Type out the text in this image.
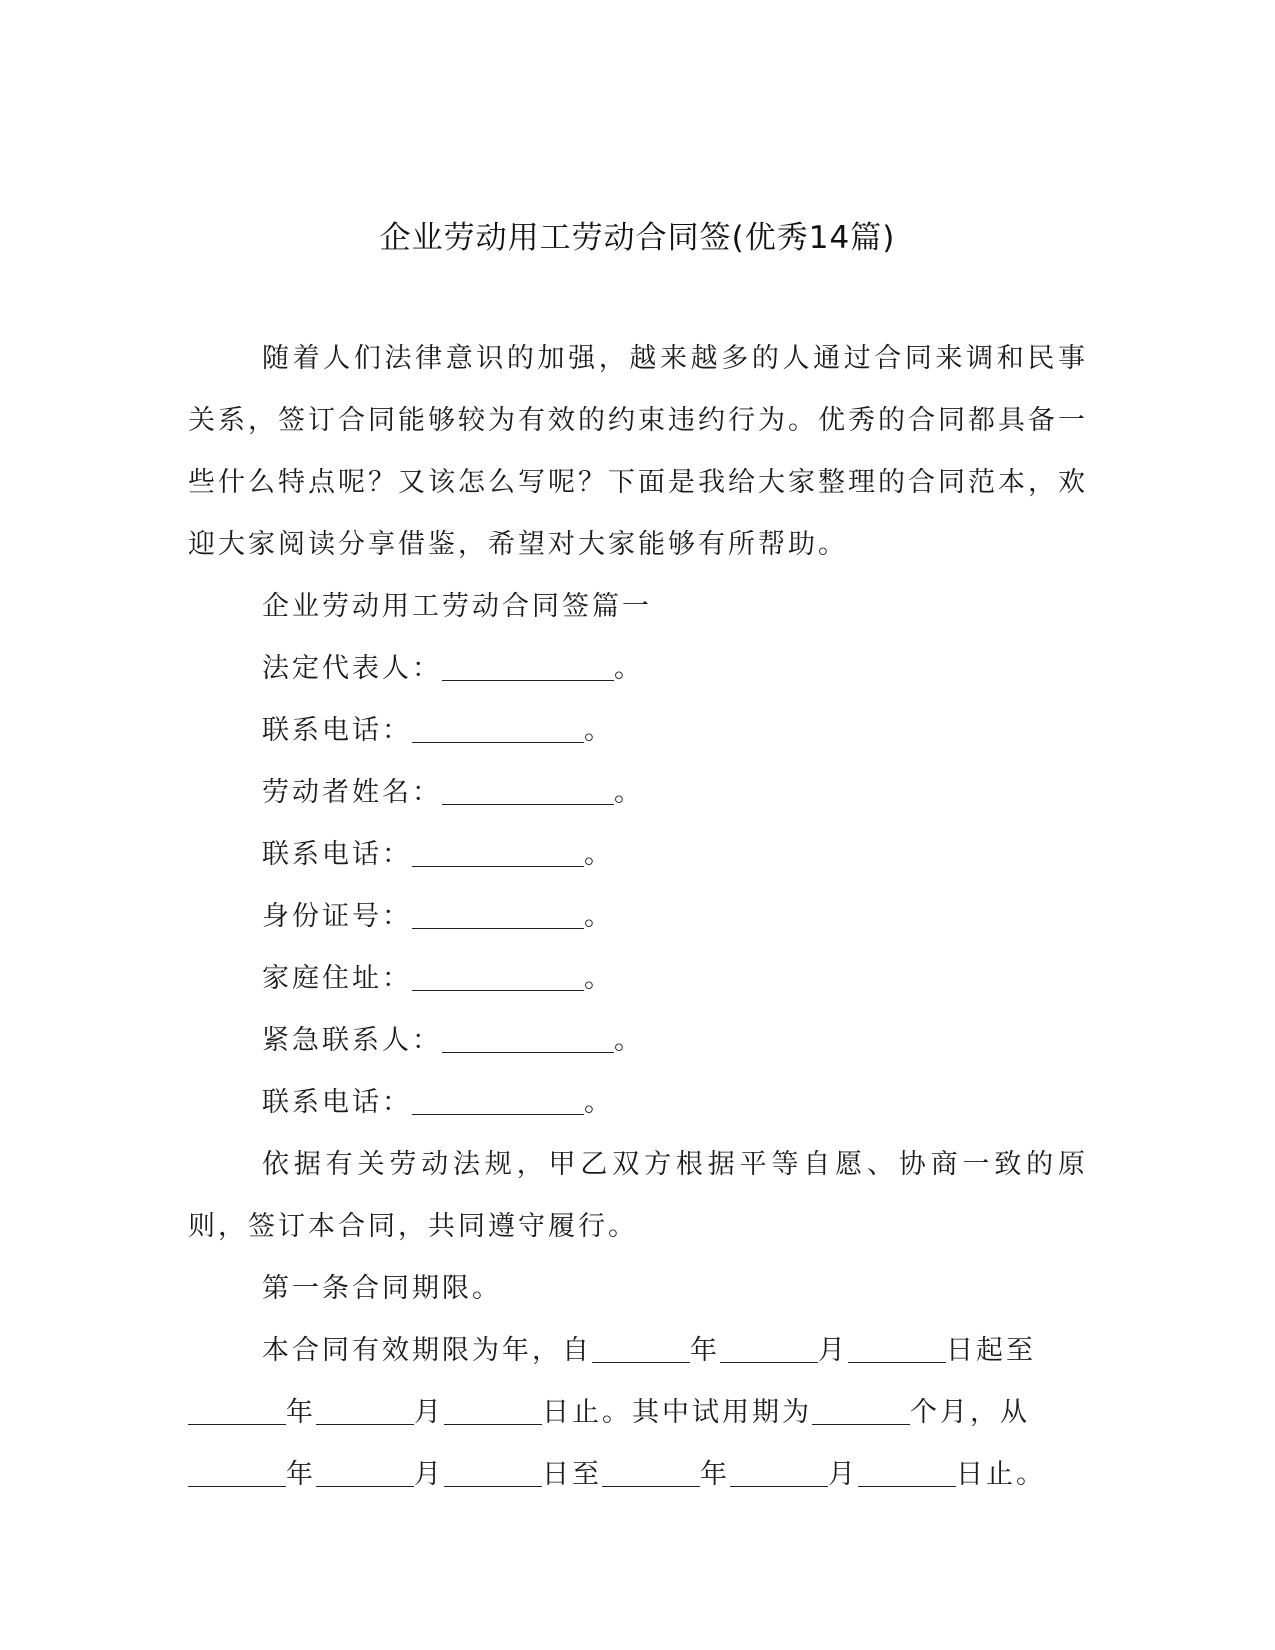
企业劳动用工劳动合同签(优秀14篇)

随着人们法律意识的加强，越来越多的人通过合同来调和民事关系，签订合同能够较为有效的约束违约行为。优秀的合同都具备一些什么特点呢？又该怎么写呢？下面是我给大家整理的合同范本，欢迎大家阅读分享借鉴，希望对大家能够有所帮助。

企业劳动用工劳动合同签篇一

法定代表人：	。

联系电话：	。

劳动者姓名：	。

联系电话：	。

身份证号：	。

家庭住址：	。

紧急联系人：	。

联系电话：	。

依据有关劳动法规，甲乙双方根据平等自愿、协商一致的原则，签订本合同，共同遵守履行。

第一条合同期限。

本合同有效期限为年，自	年	月	日起至

年	月	日止。其中试用期为	个月，从

年	月	日至	年	月	日止。
